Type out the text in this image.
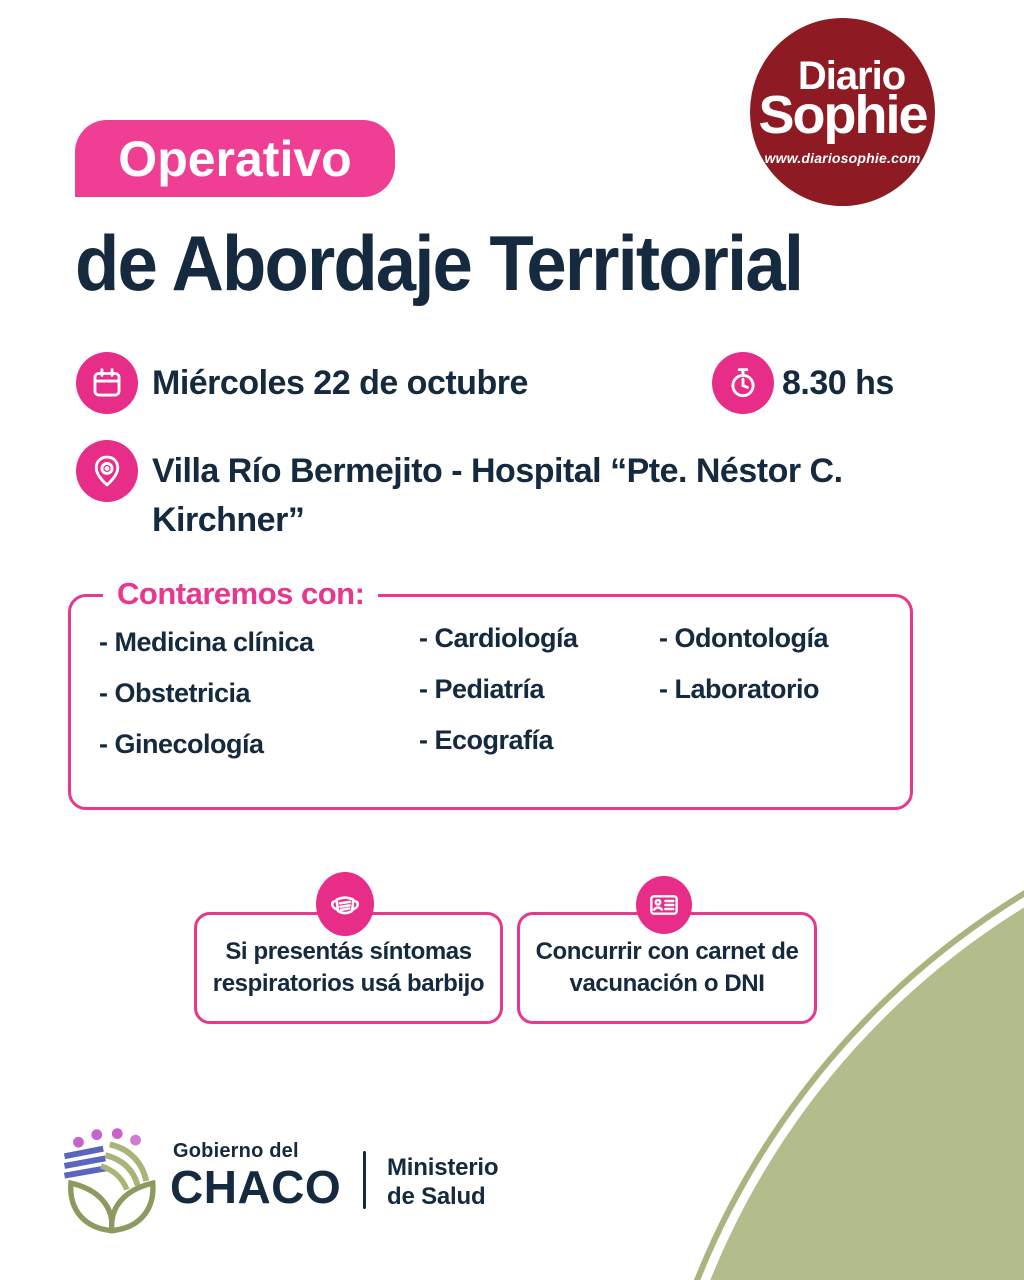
Diario
Sophie
www.diariosophie.com
Operativo
de Abordaje Territorial
Miércoles 22 de octubre	8.30 hs
Villa Río Bermejito - Hospital “Pte. Néstor C. Kirchner”
Contaremos con:
- Medicina clínica
- Obstetricia
- Ginecología
- Cardiología
- Pediatría
- Ecografía
- Odontología
- Laboratorio
Si presentás síntomas respiratorios usá barbijo
Concurrir con carnet de vacunación o DNI
Gobierno del
CHACO Ministerio
de Salud
